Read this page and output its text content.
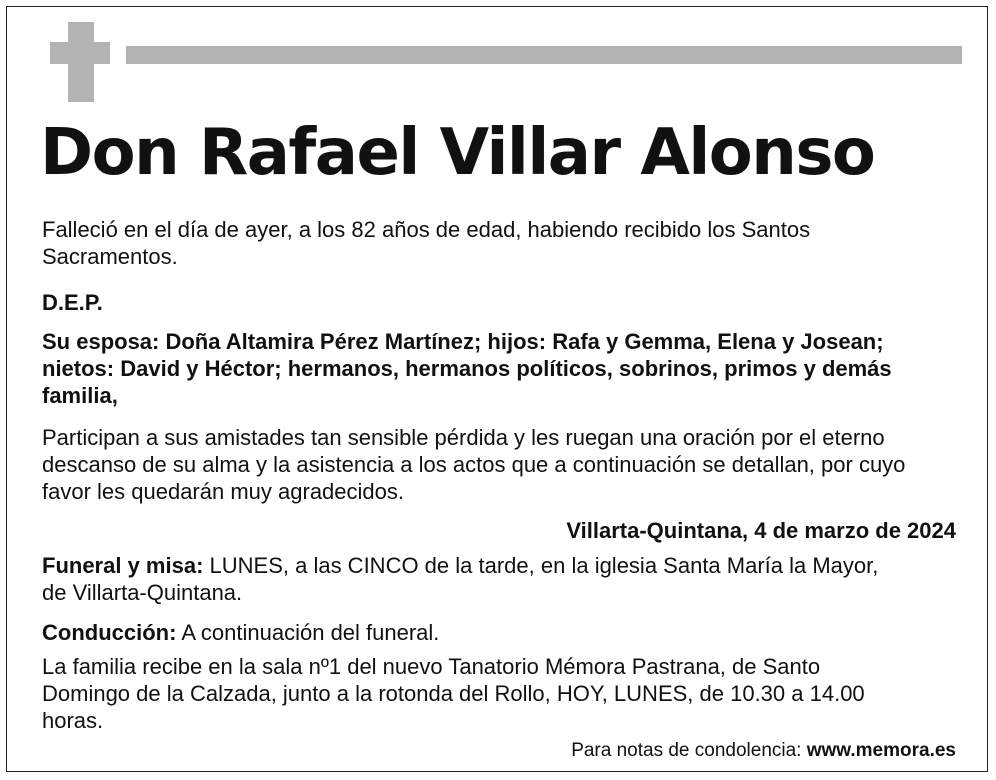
Don Rafael Villar Alonso

Falleció en el día de ayer, a los 82 años de edad, habiendo recibido los Santos Sacramentos.

D.E.P.

Su esposa: Doña Altamira Pérez Martínez; hijos: Rafa y Gemma, Elena y Josean; nietos: David y Héctor; hermanos, hermanos políticos, sobrinos, primos y demás familia,

Participan a sus amistades tan sensible pérdida y les ruegan una oración por el eterno descanso de su alma y la asistencia a los actos que a continuación se detallan, por cuyo favor les quedarán muy agradecidos.

Villarta-Quintana, 4 de marzo de 2024

Funeral y misa: LUNES, a las CINCO de la tarde, en la iglesia Santa María la Mayor, de Villarta-Quintana.

Conducción: A continuación del funeral.

La familia recibe en la sala nº1 del nuevo Tanatorio Mémora Pastrana, de Santo Domingo de la Calzada, junto a la rotonda del Rollo, HOY, LUNES, de 10.30 a 14.00 horas.

Para notas de condolencia: www.memora.es
